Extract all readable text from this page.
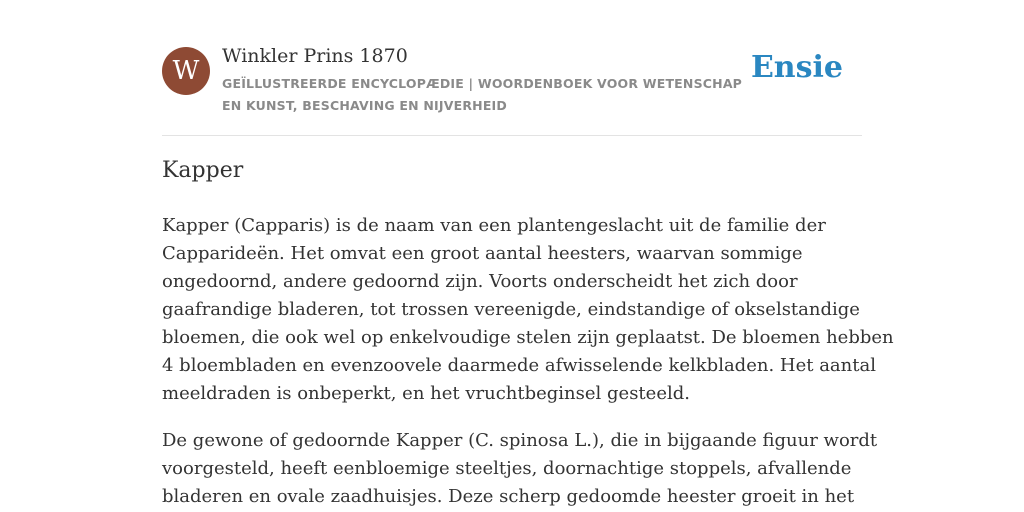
W	Winkler Prins 1870
GEÏLLUSTREERDE ENCYCLOPÆDIE | WOORDENBOEK VOOR WETENSCHAP EN KUNST, BESCHAVING EN NIJVERHEID
Ensie
Kapper

Kapper (Capparis) is de naam van een plantengeslacht uit de familie der
Capparideën. Het omvat een groot aantal heesters, waarvan sommige
ongedoornd, andere gedoornd zijn. Voorts onderscheidt het zich door
gaafrandige bladeren, tot trossen vereenigde, eindstandige of okselstandige
bloemen, die ook wel op enkelvoudige stelen zijn geplaatst. De bloemen hebben
4 bloembladen en evenzoovele daarmede afwisselende kelkbladen. Het aantal
meeldraden is onbeperkt, en het vruchtbeginsel gesteeld.

De gewone of gedoornde Kapper (C. spinosa L.), die in bijgaande figuur wordt
voorgesteld, heeft eenbloemige steeltjes, doornachtige stoppels, afvallende
bladeren en ovale zaadhuisjes. Deze scherp gedoomde heester groeit in het
